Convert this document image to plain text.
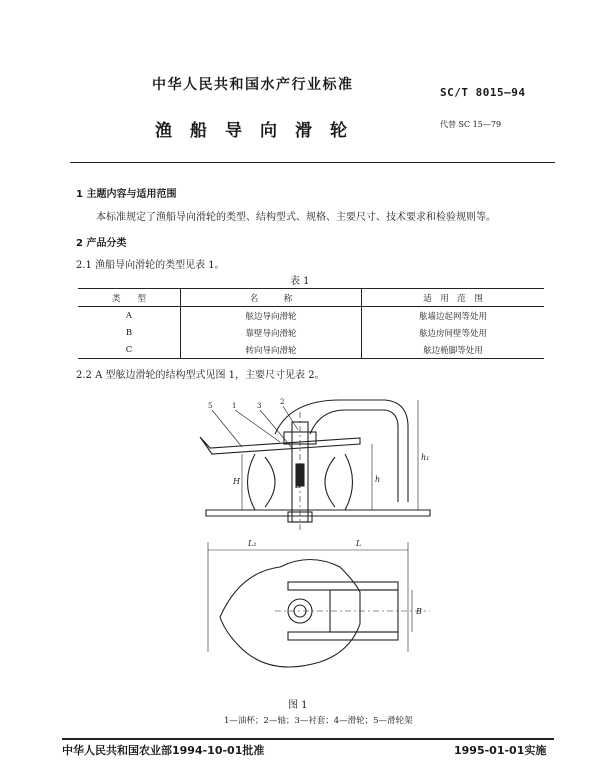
中华人民共和国水产行业标准	SC/T 8015—94
渔船导向滑轮	代替 SC 15—79
1 主题内容与适用范围
本标准规定了渔船导向滑轮的类型、结构型式、规格、主要尺寸、技术要求和检验规则等。
2 产品分类
2.1 渔船导向滑轮的类型见表 1。
表 1
类　　型	名　　　称	适　用　范　围
A	舷边导向滑轮	舷墙边起网等处用
B	靠壁导向滑轮	舷边房间壁等处用
C	转向导向滑轮	舷边桅脚等处用
2.2 A 型舷边滑轮的结构型式见图 1，主要尺寸见表 2。
5	1	3	2
h₁
h
H	D
L₁	L
B
图 1
1—油杯；2—轴；3—衬套；4—滑轮；5—滑轮架
中华人民共和国农业部1994-10-01批准	1995-01-01实施
